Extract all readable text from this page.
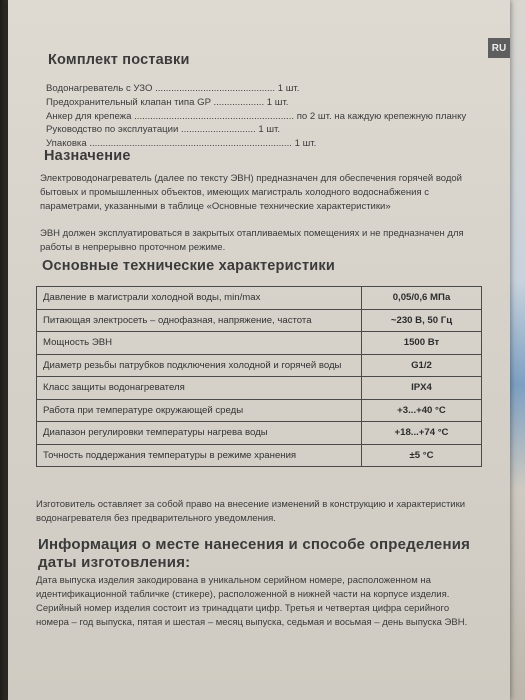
RU
Комплект поставки
Водонагреватель с УЗО ............................................. 1 шт.
Предохранительный клапан типа GP ................... 1 шт.
Анкер для крепежа ............................................................ по 2 шт. на каждую крепежную планку
Руководство по эксплуатации ............................ 1 шт.
Упаковка ............................................................................ 1 шт.
Назначение
Электроводонагреватель (далее по тексту ЭВН) предназначен для обеспечения горячей водой бытовых и промышленных объектов, имеющих магистраль холодного водоснабжения с параметрами, указанными в таблице «Основные технические характеристики»
ЭВН должен эксплуатироваться в закрытых отапливаемых помещениях и не предназначен для работы в непрерывно проточном режиме.
Основные технические характеристики
Давление в магистрали холодной воды, min/max	0,05/0,6 МПа
Питающая электросеть – однофазная, напряжение, частота	~230 В, 50 Гц
Мощность ЭВН	1500 Вт
Диаметр резьбы патрубков подключения холодной и горячей воды	G1/2
Класс защиты водонагревателя	IPX4
Работа при температуре окружающей среды	+3...+40 °C
Диапазон регулировки температуры нагрева воды	+18...+74 °C
Точность поддержания температуры в режиме хранения	±5 °C
Изготовитель оставляет за собой право на внесение изменений в конструкцию и характеристики водонагревателя без предварительного уведомления.
Информация о месте нанесения и способе определения даты изготовления:
Дата выпуска изделия закодирована в уникальном серийном номере, расположенном на идентификационной табличке (стикере), расположенной в нижней части на корпусе изделия. Серийный номер изделия состоит из тринадцати цифр. Третья и четвертая цифра серийного номера – год выпуска, пятая и шестая – месяц выпуска, седьмая и восьмая – день выпуска ЭВН.
